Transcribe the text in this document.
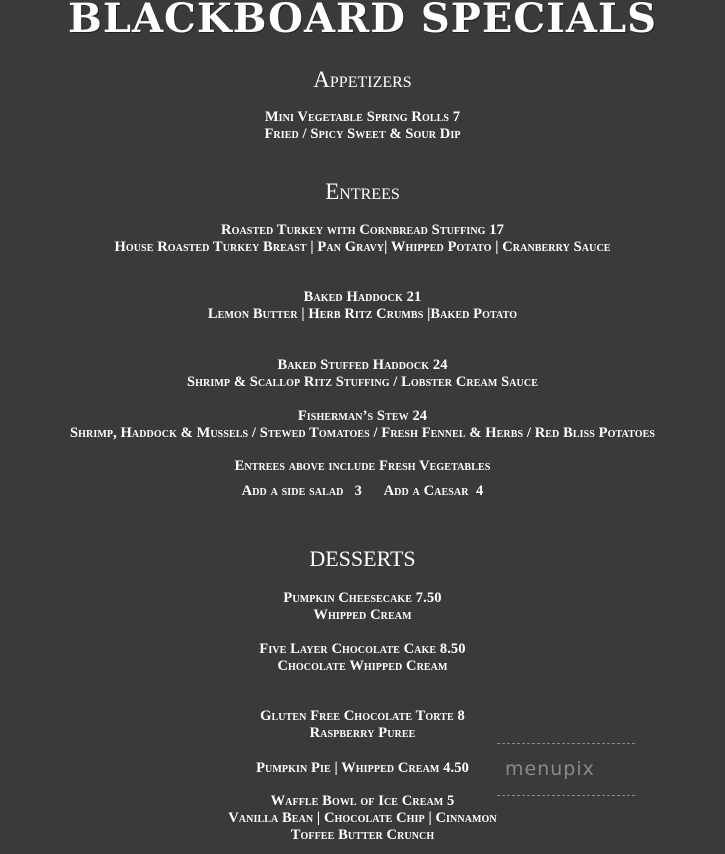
BLACKBOARD SPECIALS
Appetizers
Mini Vegetable Spring Rolls 7
Fried / Spicy Sweet & Sour Dip
Entrees
Roasted Turkey with Cornbread Stuffing 17
House Roasted Turkey Breast | Pan Gravy| Whipped Potato | Cranberry Sauce
Baked Haddock 21
Lemon Butter | Herb Ritz Crumbs |Baked Potato
Baked Stuffed Haddock 24
Shrimp & Scallop Ritz Stuffing / Lobster Cream Sauce
Fisherman’s Stew 24
Shrimp, Haddock & Mussels / Stewed Tomatoes / Fresh Fennel & Herbs / Red Bliss Potatoes
Entrees above include Fresh Vegetables
Add a side salad   3      Add a Caesar  4
DESSERTS
Pumpkin Cheesecake 7.50
Whipped Cream
Five Layer Chocolate Cake 8.50
Chocolate Whipped Cream
Gluten Free Chocolate Torte 8
Raspberry Puree
Pumpkin Pie | Whipped Cream 4.50
Waffle Bowl of Ice Cream 5
Vanilla Bean | Chocolate Chip | Cinnamon
Toffee Butter Crunch
menupix
